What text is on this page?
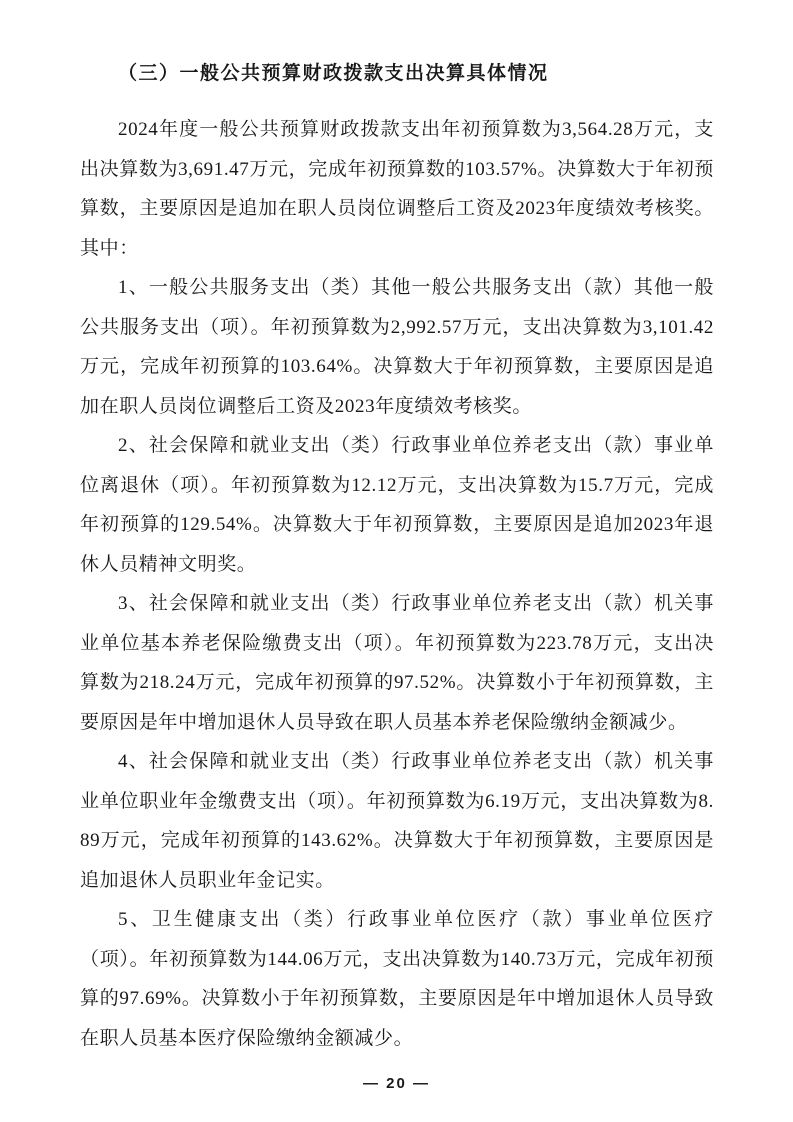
（三）一般公共预算财政拨款支出决算具体情况

2024年度一般公共预算财政拨款支出年初预算数为3,564.28万元，支出决算数为3,691.47万元，完成年初预算数的103.57%。决算数大于年初预算数，主要原因是追加在职人员岗位调整后工资及2023年度绩效考核奖。其中：

1、一般公共服务支出（类）其他一般公共服务支出（款）其他一般公共服务支出（项）。年初预算数为2,992.57万元，支出决算数为3,101.42万元，完成年初预算的103.64%。决算数大于年初预算数，主要原因是追加在职人员岗位调整后工资及2023年度绩效考核奖。

2、社会保障和就业支出（类）行政事业单位养老支出（款）事业单位离退休（项）。年初预算数为12.12万元，支出决算数为15.7万元，完成年初预算的129.54%。决算数大于年初预算数，主要原因是追加2023年退休人员精神文明奖。

3、社会保障和就业支出（类）行政事业单位养老支出（款）机关事业单位基本养老保险缴费支出（项）。年初预算数为223.78万元，支出决算数为218.24万元，完成年初预算的97.52%。决算数小于年初预算数，主要原因是年中增加退休人员导致在职人员基本养老保险缴纳金额减少。

4、社会保障和就业支出（类）行政事业单位养老支出（款）机关事业单位职业年金缴费支出（项）。年初预算数为6.19万元，支出决算数为8.89万元，完成年初预算的143.62%。决算数大于年初预算数，主要原因是追加退休人员职业年金记实。

5、卫生健康支出（类）行政事业单位医疗（款）事业单位医疗（项）。年初预算数为144.06万元，支出决算数为140.73万元，完成年初预算的97.69%。决算数小于年初预算数，主要原因是年中增加退休人员导致在职人员基本医疗保险缴纳金额减少。

— 20 —
